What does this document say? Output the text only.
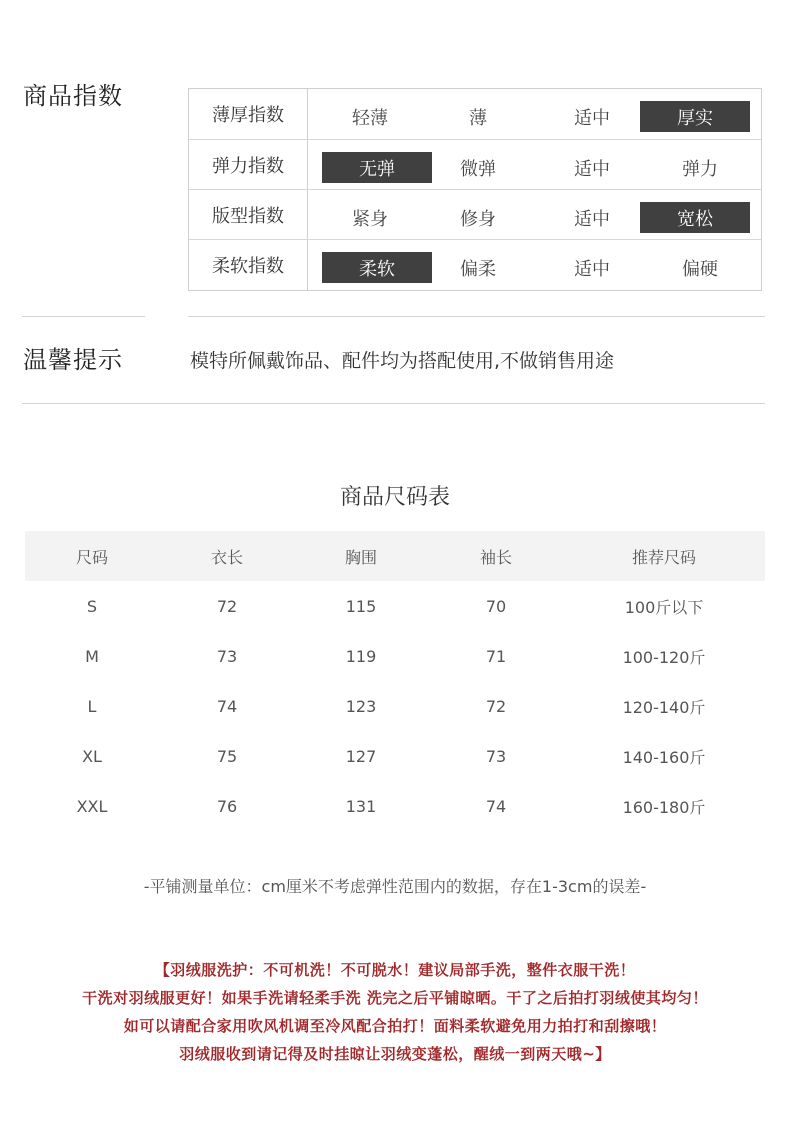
商品指数
薄厚指数	轻薄	薄	适中	厚实
弹力指数	无弹	微弹	适中	弹力
版型指数	紧身	修身	适中	宽松
柔软指数	柔软	偏柔	适中	偏硬
温馨提示	模特所佩戴饰品、配件均为搭配使用,不做销售用途
商品尺码表
尺码	衣长	胸围	袖长	推荐尺码
S	72	115	70	100斤以下
M	73	119	71	100-120斤
L	74	123	72	120-140斤
XL	75	127	73	140-160斤
XXL	76	131	74	160-180斤
-平铺测量单位：cm厘米不考虑弹性范围内的数据，存在1-3cm的误差-
【羽绒服洗护：不可机洗！不可脱水！建议局部手洗，整件衣服干洗！
干洗对羽绒服更好！如果手洗请轻柔手洗 洗完之后平铺晾晒。干了之后拍打羽绒使其均匀！
如可以请配合家用吹风机调至冷风配合拍打！面料柔软避免用力拍打和刮擦哦！
羽绒服收到请记得及时挂晾让羽绒变蓬松，醒绒一到两天哦~】
